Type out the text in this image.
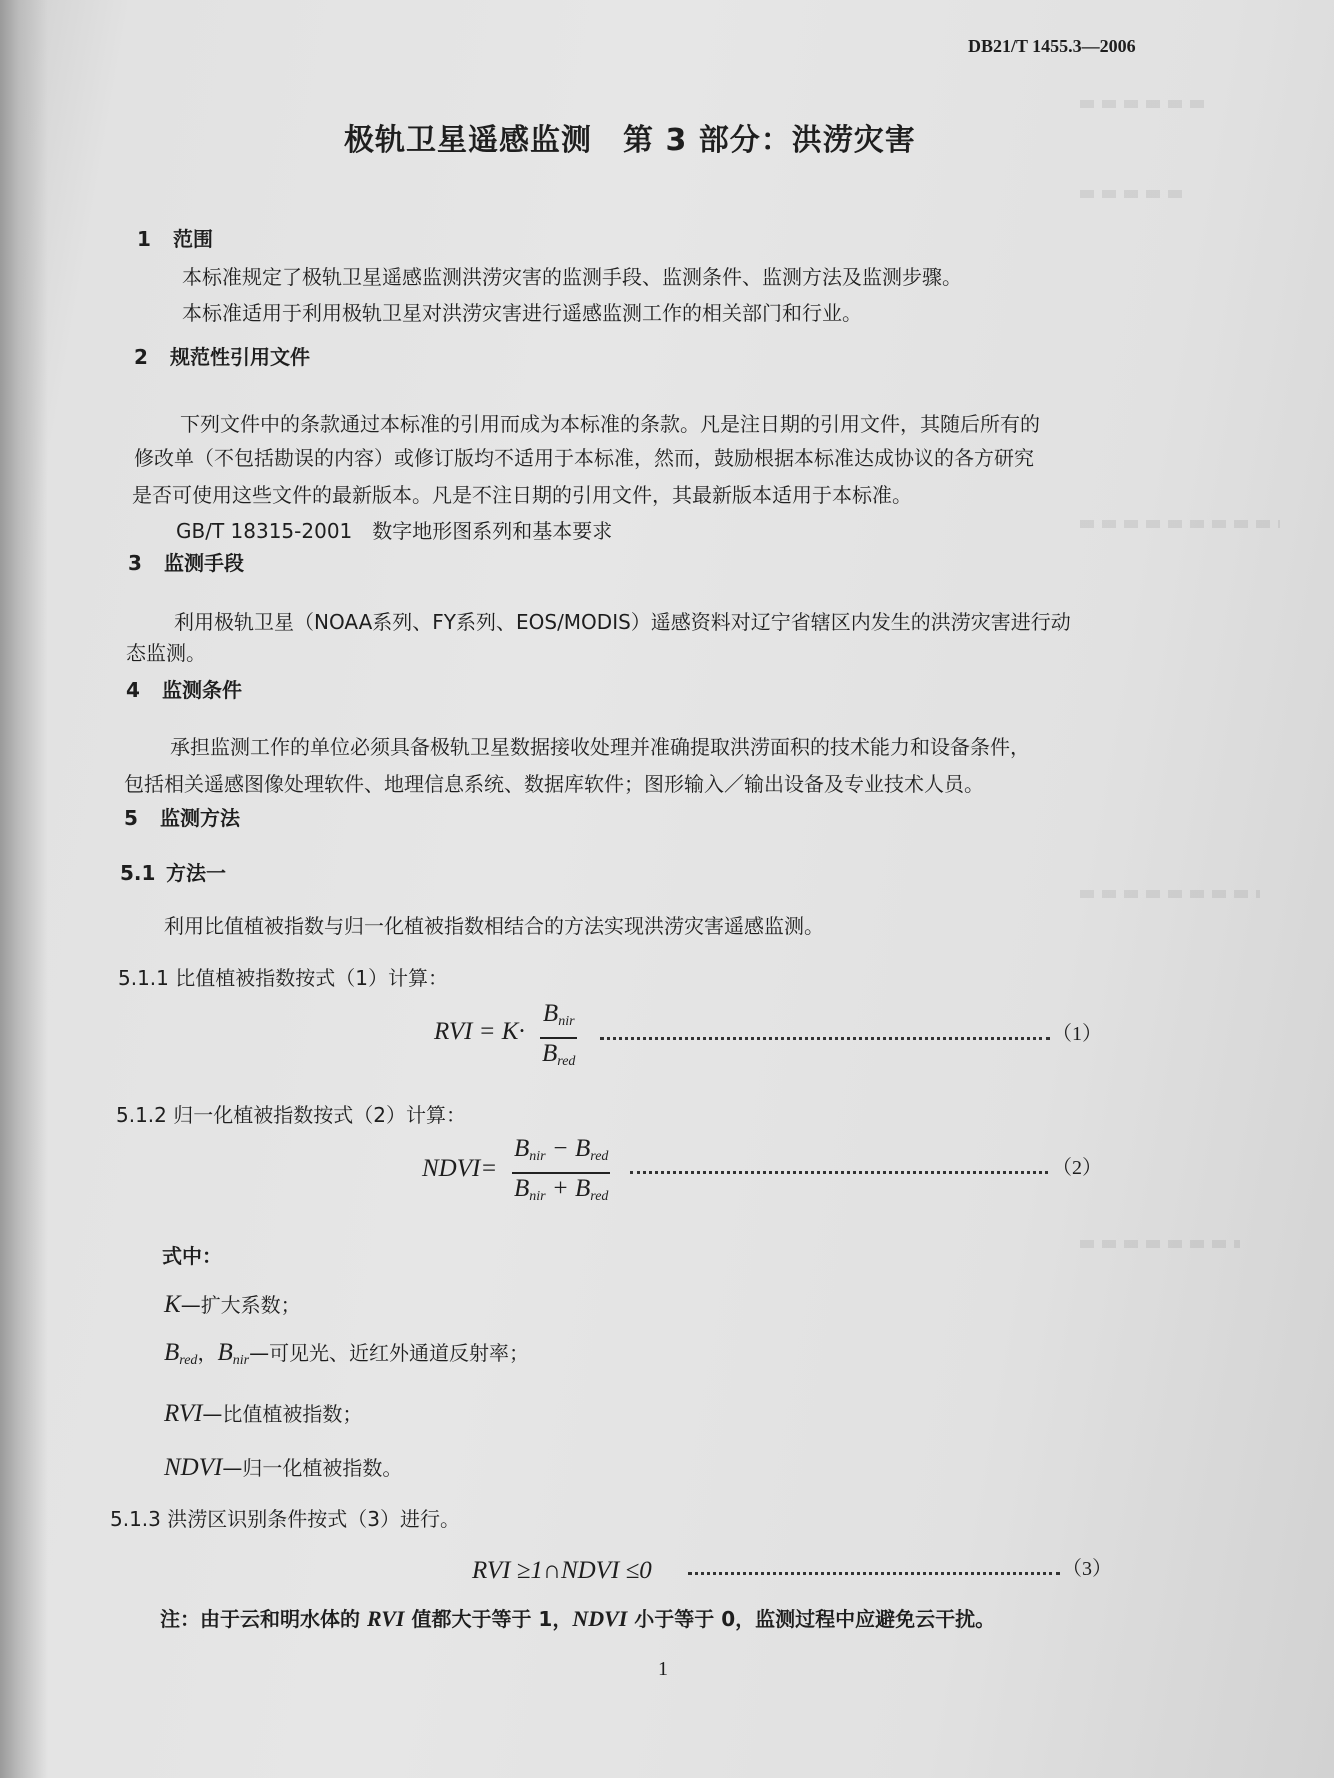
DB21/T 1455.3—2006
极轨卫星遥感监测　第 3 部分：洪涝灾害
1 范围
本标准规定了极轨卫星遥感监测洪涝灾害的监测手段、监测条件、监测方法及监测步骤。
本标准适用于利用极轨卫星对洪涝灾害进行遥感监测工作的相关部门和行业。
2 规范性引用文件
下列文件中的条款通过本标准的引用而成为本标准的条款。凡是注日期的引用文件，其随后所有的
修改单（不包括勘误的内容）或修订版均不适用于本标准，然而，鼓励根据本标准达成协议的各方研究
是否可使用这些文件的最新版本。凡是不注日期的引用文件，其最新版本适用于本标准。
GB/T 18315-2001　数字地形图系列和基本要求
3 监测手段
利用极轨卫星（NOAA系列、FY系列、EOS/MODIS）遥感资料对辽宁省辖区内发生的洪涝灾害进行动
态监测。
4 监测条件
承担监测工作的单位必须具备极轨卫星数据接收处理并准确提取洪涝面积的技术能力和设备条件，
包括相关遥感图像处理软件、地理信息系统、数据库软件；图形输入／输出设备及专业技术人员。
5 监测方法
5.1 方法一
利用比值植被指数与归一化植被指数相结合的方法实现洪涝灾害遥感监测。
5.1.1 比值植被指数按式（1）计算：
RVI = K·
$B_{nir}$
$B_{red}$
（1）
5.1.2 归一化植被指数按式（2）计算：
NDVI=
$B_{nir} - B_{red}$
$B_{nir} + B_{red}$
（2）
式中：
K—扩大系数；
$B_{red}$，$B_{nir}—$可见光、近红外通道反射率；
RVI—比值植被指数；
NDVI—归一化植被指数。
5.1.3 洪涝区识别条件按式（3）进行。
RVI ≥1∩NDVI ≤0	（3）
注：由于云和明水体的 RVI 值都大于等于 1，NDVI 小于等于 0，监测过程中应避免云干扰。
1
